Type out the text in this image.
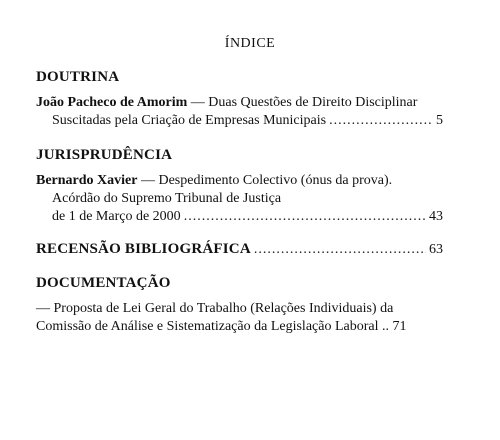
ÍNDICE
DOUTRINA
João Pacheco de Amorim — Duas Questões de Direito Disciplinar
Suscitadas pela Criação de Empresas Municipais .....	5
JURISPRUDÊNCIA
Bernardo Xavier — Despedimento Colectivo (ónus da prova).
Acórdão do Supremo Tribunal de Justiça
de 1 de Março de 2000 .....	43
RECENSÃO BIBLIOGRÁFICA .....	63
DOCUMENTAÇÃO
— Proposta de Lei Geral do Trabalho (Relações Individuais) da
Comissão de Análise e Sistematização da Legislação Laboral .. 71
